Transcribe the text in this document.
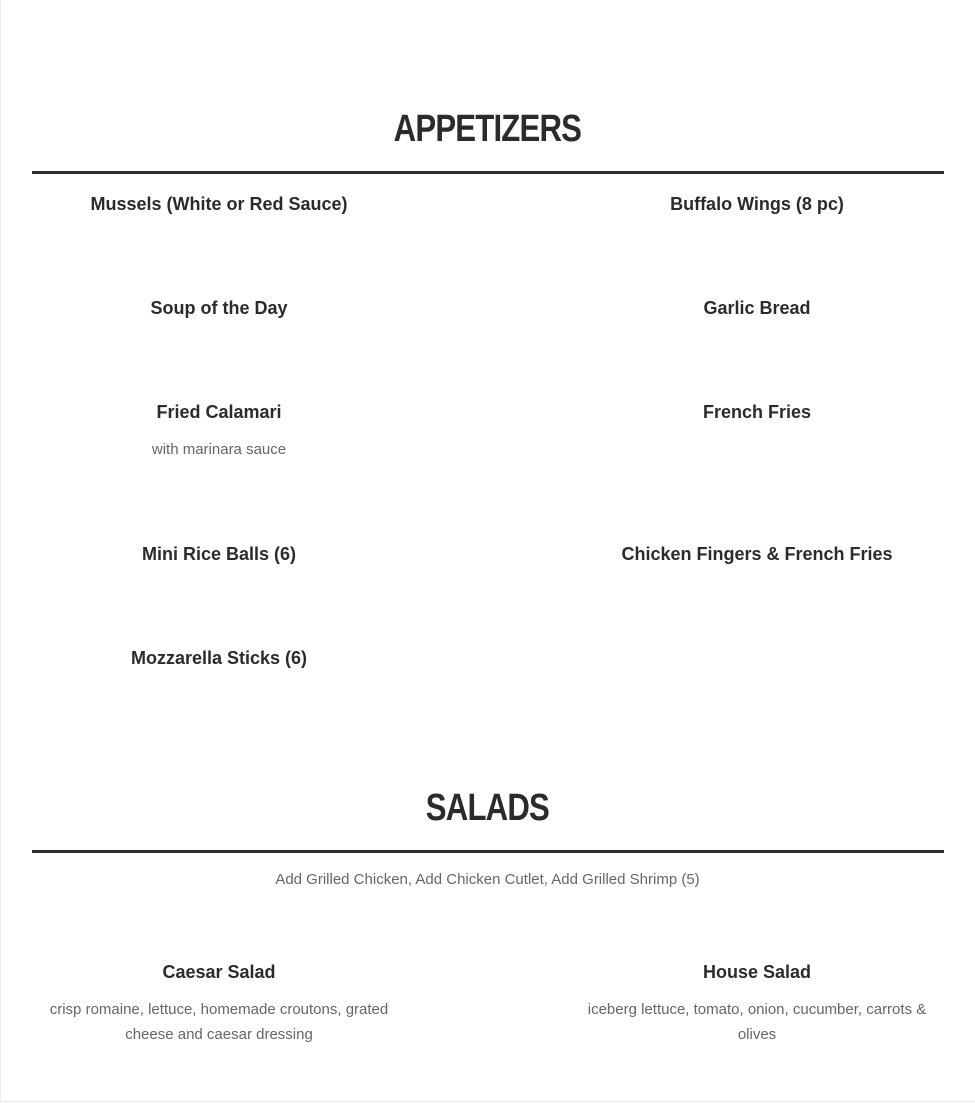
APPETIZERS
Mussels (White or Red Sauce)	Buffalo Wings (8 pc)
Soup of the Day	Garlic Bread
Fried Calamari
with marinara sauce
French Fries
Mini Rice Balls (6)	Chicken Fingers & French Fries
Mozzarella Sticks (6)
SALADS
Add Grilled Chicken, Add Chicken Cutlet, Add Grilled Shrimp (5)
Caesar Salad
crisp romaine, lettuce, homemade croutons, grated cheese and caesar dressing
House Salad
iceberg lettuce, tomato, onion, cucumber, carrots & olives
